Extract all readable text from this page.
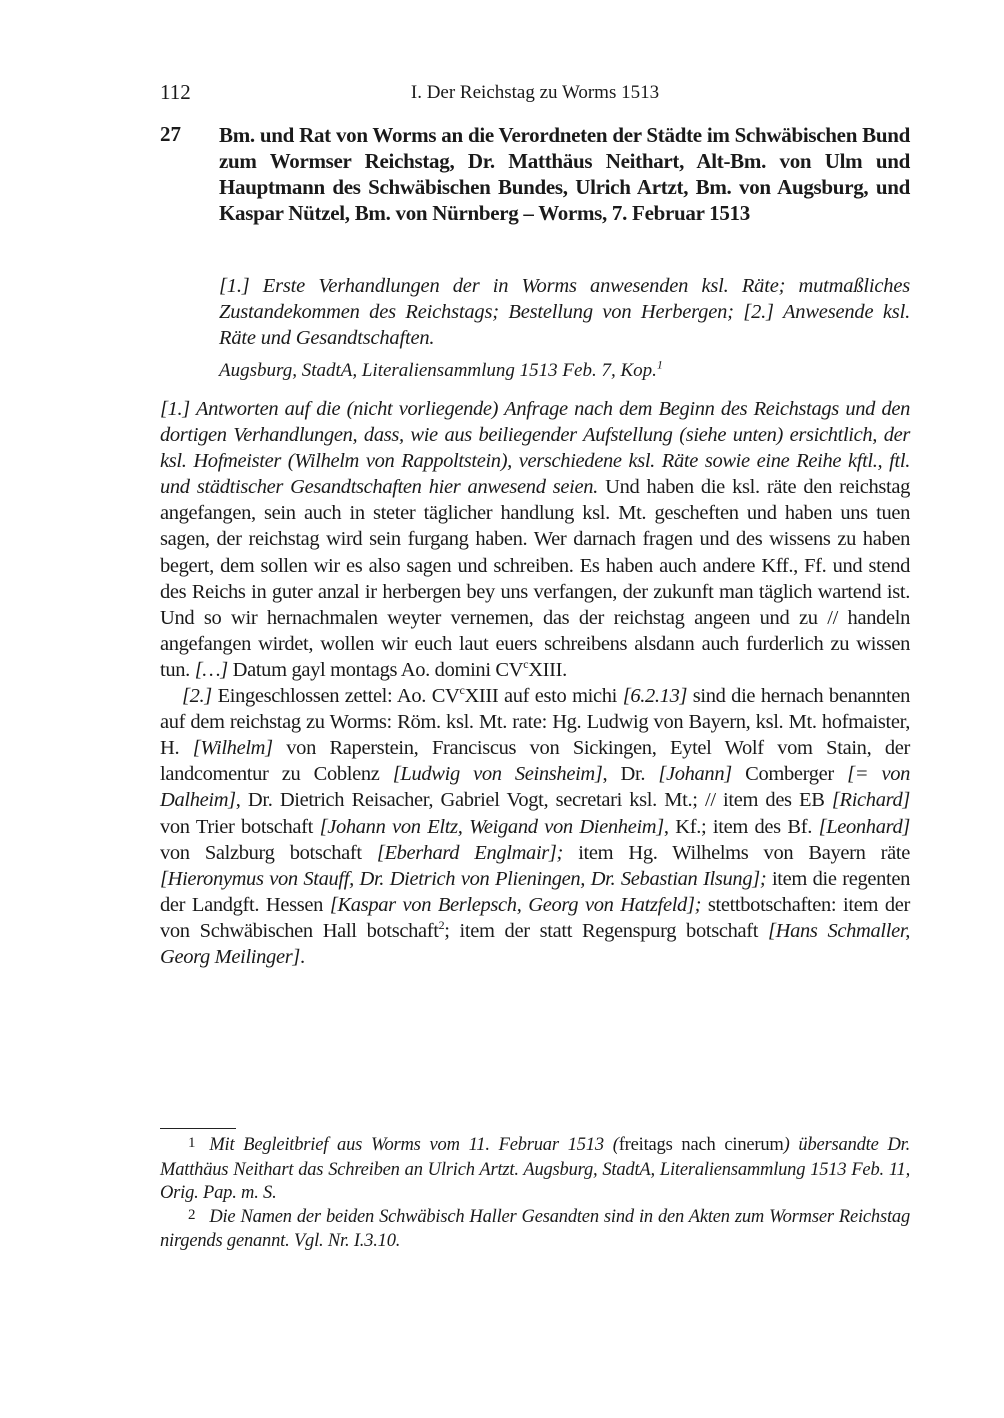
112	I. Der Reichstag zu Worms 1513
27 Bm. und Rat von Worms an die Verordneten der Städte im Schwäbischen Bund zum Wormser Reichstag, Dr. Matthäus Neithart, Alt-Bm. von Ulm und Hauptmann des Schwäbischen Bundes, Ulrich Artzt, Bm. von Augsburg, und Kaspar Nützel, Bm. von Nürnberg – Worms, 7. Februar 1513
[1.] Erste Verhandlungen der in Worms anwesenden ksl. Räte; mutmaßliches Zustandekommen des Reichstags; Bestellung von Herbergen; [2.] Anwesende ksl. Räte und Gesandtschaften.
Augsburg, StadtA, Literaliensammlung 1513 Feb. 7, Kop.$^1$

[1.] Antworten auf die (nicht vorliegende) Anfrage nach dem Beginn des Reichstags und den dortigen Verhandlungen, dass, wie aus beiliegender Aufstellung (siehe unten) ersichtlich, der ksl. Hofmeister (Wilhelm von Rappoltstein), verschiedene ksl. Räte sowie eine Reihe kftl., ftl. und städtischer Gesandtschaften hier anwesend seien. Und haben die ksl. räte den reichstag angefangen, sein auch in steter täglicher handlung ksl. Mt. gescheften und haben uns tuen sagen, der reichstag wird sein furgang haben. Wer darnach fragen und des wissens zu haben begert, dem sollen wir es also sagen und schreiben. Es haben auch andere Kff., Ff. und stend des Reichs in guter anzal ir herbergen bey uns verfangen, der zukunft man täglich wartend ist. Und so wir hernachmalen weyter vernemen, das der reichstag angeen und zu // handeln angefangen wirdet, wollen wir euch laut euers schreibens alsdann auch furderlich zu wissen tun. […] Datum gayl montags Ao. domini $CV^cXIII$.

[2.] Eingeschlossen zettel: Ao. $CV^cXIII$ auf esto michi [6.2.13] sind die hernach benannten auf dem reichstag zu Worms: Röm. ksl. Mt. rate: Hg. Ludwig von Bayern, ksl. Mt. hofmaister, H. [Wilhelm] von Raperstein, Franciscus von Sickingen, Eytel Wolf vom Stain, der landcomentur zu Coblenz [Ludwig von Seinsheim], Dr. [Johann] Comberger [= von Dalheim], Dr. Dietrich Reisacher, Gabriel Vogt, secretari ksl. Mt.; // item des EB [Richard] von Trier botschaft [Johann von Eltz, Weigand von Dienheim], Kf.; item des Bf. [Leonhard] von Salzburg botschaft [Eberhard Englmair]; item Hg. Wilhelms von Bayern räte [Hieronymus von Stauff, Dr. Dietrich von Plieningen, Dr. Sebastian Ilsung]; item die regenten der Landgft. Hessen [Kaspar von Berlepsch, Georg von Hatzfeld]; stettbotschaften: item der von Schwäbischen Hall botschaft$^2$; item der statt Regenspurg botschaft [Hans Schmaller, Georg Meilinger].

1 Mit Begleitbrief aus Worms vom 11. Februar 1513 (freitags nach cinerum) übersandte Dr. Matthäus Neithart das Schreiben an Ulrich Artzt. Augsburg, StadtA, Literaliensammlung 1513 Feb. 11, Orig. Pap. m. S.

2 Die Namen der beiden Schwäbisch Haller Gesandten sind in den Akten zum Wormser Reichstag nirgends genannt. Vgl. Nr. I.3.10.
